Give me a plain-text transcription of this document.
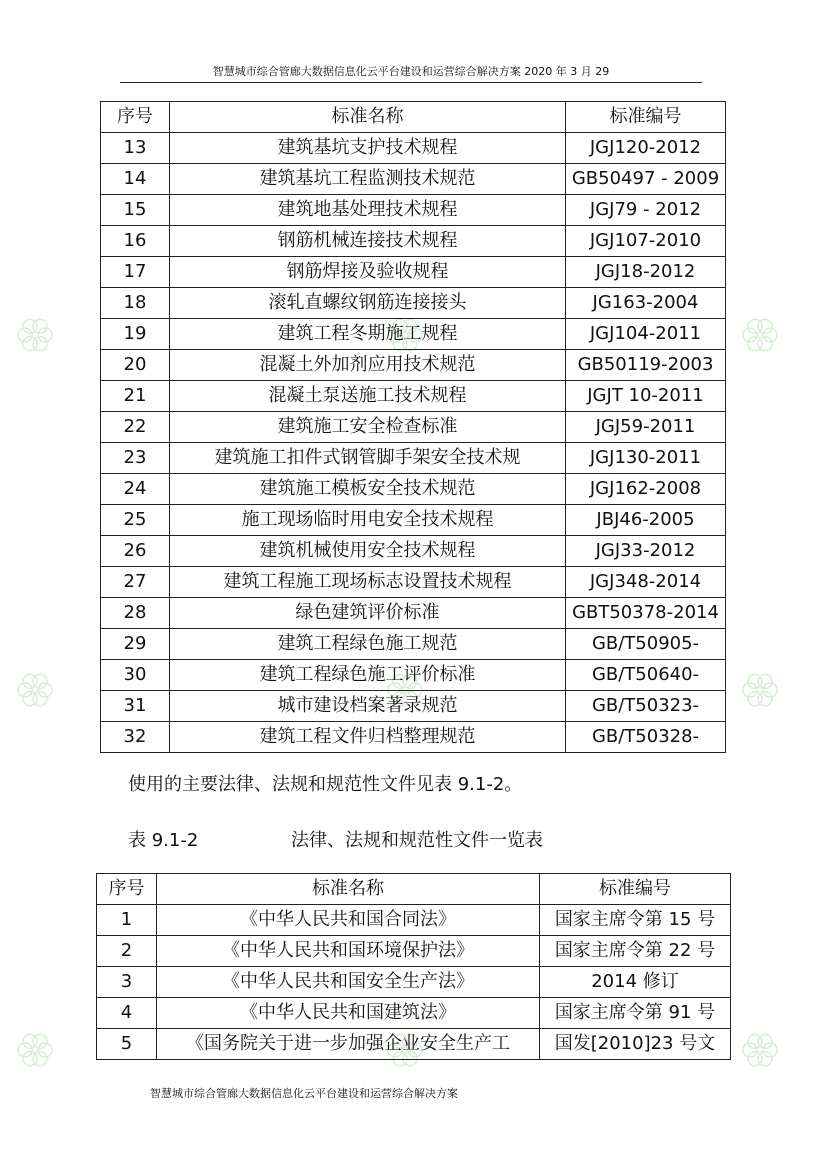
智慧城市综合管廊大数据信息化云平台建设和运营综合解决方案 2020 年 3 月 29
序号	标准名称	标准编号
13	建筑基坑支护技术规程	JGJ120-2012
14	建筑基坑工程监测技术规范	GB50497 - 2009
15	建筑地基处理技术规程	JGJ79 - 2012
16	钢筋机械连接技术规程	JGJ107-2010
17	钢筋焊接及验收规程	JGJ18-2012
18	滚轧直螺纹钢筋连接接头	JG163-2004
19	建筑工程冬期施工规程	JGJ104-2011
20	混凝土外加剂应用技术规范	GB50119-2003
21	混凝土泵送施工技术规程	JGJT 10-2011
22	建筑施工安全检查标准	JGJ59-2011
23	建筑施工扣件式钢管脚手架安全技术规	JGJ130-2011
24	建筑施工模板安全技术规范	JGJ162-2008
25	施工现场临时用电安全技术规程	JBJ46-2005
26	建筑机械使用安全技术规程	JGJ33-2012
27	建筑工程施工现场标志设置技术规程	JGJ348-2014
28	绿色建筑评价标准	GBT50378-2014
29	建筑工程绿色施工规范	GB/T50905-
30	建筑工程绿色施工评价标准	GB/T50640-
31	城市建设档案著录规范	GB/T50323-
32	建筑工程文件归档整理规范	GB/T50328-
使用的主要法律、法规和规范性文件见表 9.1-2。
表 9.1-2	法律、法规和规范性文件一览表
序号	标准名称	标准编号
1	《中华人民共和国合同法》	国家主席令第 15 号
2	《中华人民共和国环境保护法》	国家主席令第 22 号
3	《中华人民共和国安全生产法》	2014 修订
4	《中华人民共和国建筑法》	国家主席令第 91 号
5	《国务院关于进一步加强企业安全生产工	国发[2010]23 号文
智慧城市综合管廊大数据信息化云平台建设和运营综合解决方案
